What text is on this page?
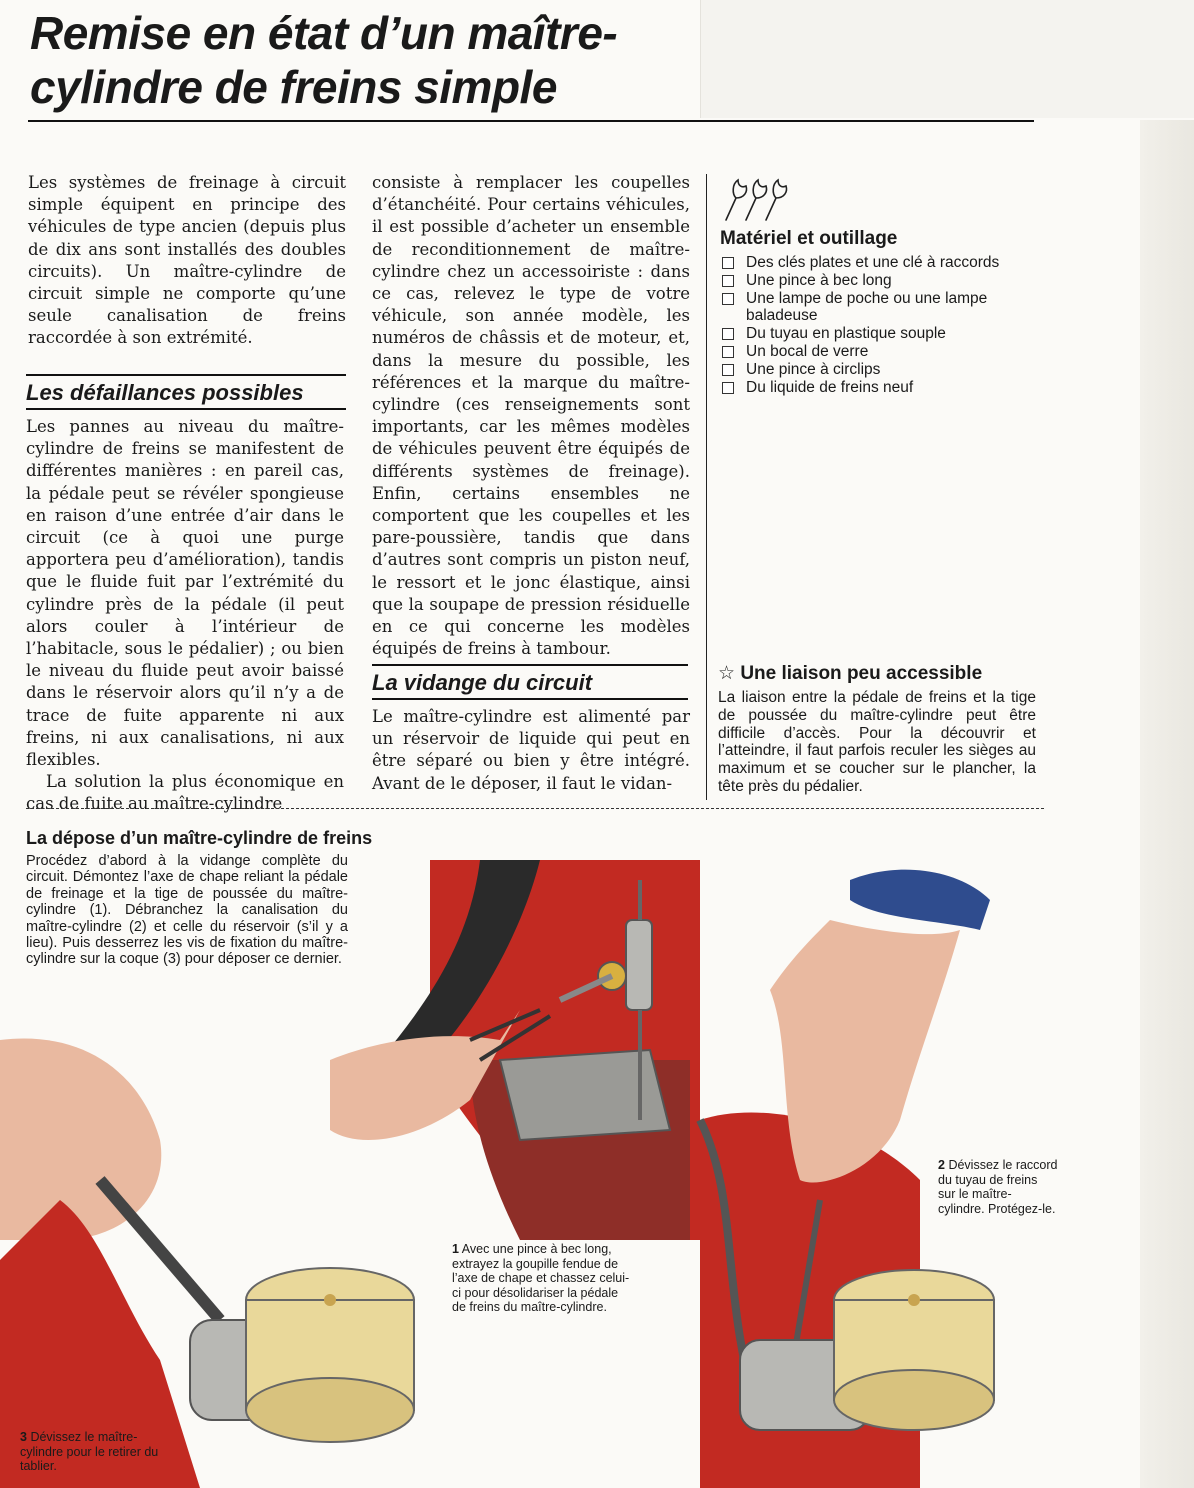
Remise en état d’un maître-
cylindre de freins simple

Les systèmes de freinage à circuit simple équipent en principe des véhicules de type ancien (depuis plus de dix ans sont installés des doubles circuits). Un maître-cylindre de circuit simple ne comporte qu’une seule canalisation de freins raccordée à son extrémité.

Les défaillances possibles

Les pannes au niveau du maître-cylindre de freins se manifestent de différentes manières : en pareil cas, la pédale peut se révéler spongieuse en raison d’une entrée d’air dans le circuit (ce à quoi une purge apportera peu d’amélioration), tandis que le fluide fuit par l’extrémité du cylindre près de la pédale (il peut alors couler à l’intérieur de l’habitacle, sous le pédalier) ; ou bien le niveau du fluide peut avoir baissé dans le réservoir alors qu’il n’y a de trace de fuite apparente ni aux freins, ni aux canalisations, ni aux flexibles.

La solution la plus économique en cas de fuite au maître-cylindre

consiste à remplacer les coupelles d’étanchéité. Pour certains véhicules, il est possible d’acheter un ensemble de reconditionnement de maître-cylindre chez un accessoiriste : dans ce cas, relevez le type de votre véhicule, son année modèle, les numéros de châssis et de moteur, et, dans la mesure du possible, les références et la marque du maître-cylindre (ces renseignements sont importants, car les mêmes modèles de véhicules peuvent être équipés de différents systèmes de freinage). Enfin, certains ensembles ne comportent que les coupelles et les pare-poussière, tandis que dans d’autres sont compris un piston neuf, le ressort et le jonc élastique, ainsi que la soupape de pression résiduelle en ce qui concerne les modèles équipés de freins à tambour.

La vidange du circuit

Le maître-cylindre est alimenté par un réservoir de liquide qui peut en être séparé ou bien y être intégré. Avant de le déposer, il faut le vidan-

Matériel et outillage
Des clés plates et une clé à raccords
Une pince à bec long
Une lampe de poche ou une lampe baladeuse
Du tuyau en plastique souple
Un bocal de verre
Une pince à circlips
Du liquide de freins neuf
☆ Une liaison peu accessible

La liaison entre la pédale de freins et la tige de poussée du maître-cylindre peut être difficile d’accès. Pour la découvrir et l’atteindre, il faut parfois reculer les sièges au maximum et se coucher sur le plancher, la tête près du pédalier.

La dépose d’un maître-cylindre de freins

Procédez d’abord à la vidange complète du circuit. Démontez l’axe de chape reliant la pédale de freinage et la tige de poussée du maître-cylindre (1). Débranchez la canalisation du maître-cylindre (2) et celle du réservoir (s’il y a lieu). Puis desserrez les vis de fixation du maître-cylindre sur la coque (3) pour déposer ce dernier.

1 Avec une pince à bec long, extrayez la goupille fendue de l’axe de chape et chassez celui-ci pour désolidariser la pédale de freins du maître-cylindre.
2 Dévissez le raccord du tuyau de freins sur le maître-cylindre. Protégez-le.
3 Dévissez le maître-cylindre pour le retirer du tablier.
